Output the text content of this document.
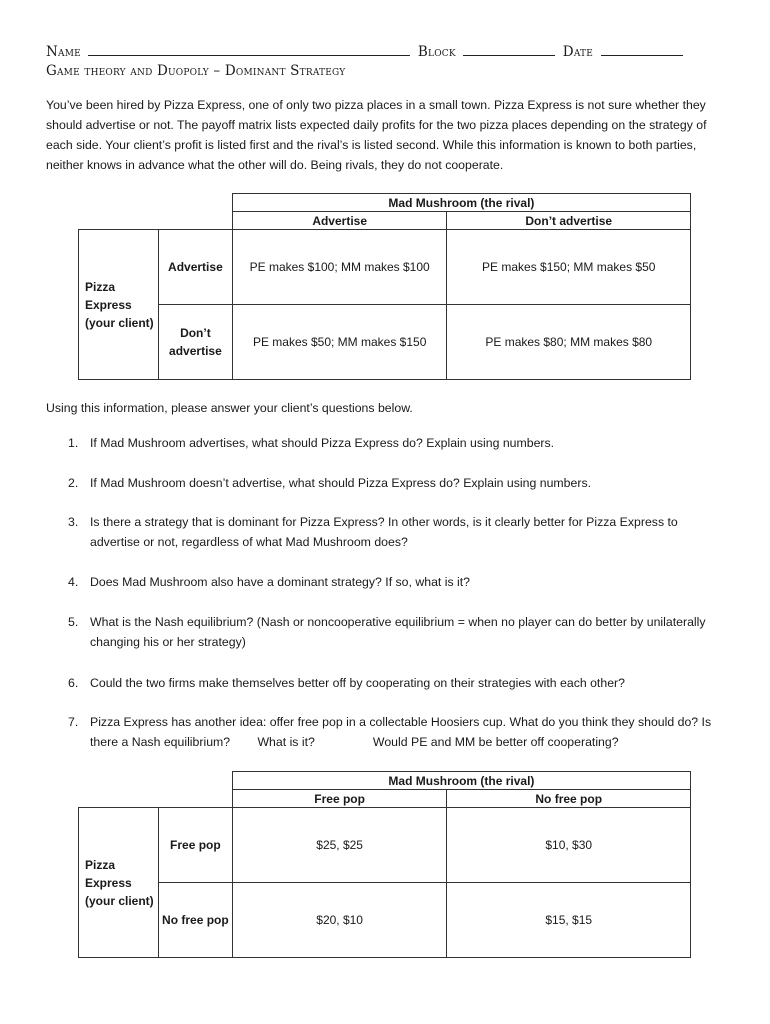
Name	Block	Date
Game theory and Duopoly – Dominant Strategy

You’ve been hired by Pizza Express, one of only two pizza places in a small town. Pizza Express is not sure whether they should advertise or not. The payoff matrix lists expected daily profits for the two pizza places depending on the strategy of each side. Your client’s profit is listed first and the rival’s is listed second. While this information is known to both parties, neither knows in advance what the other will do. Being rivals, they do not cooperate.

		Mad Mushroom (the rival)	
		Advertise	Don’t advertise
Pizza Express (your client)	Advertise	PE makes $100; MM makes $100	PE makes $150; MM makes $50
	Don’t advertise	PE makes $50; MM makes $150	PE makes $80; MM makes $80
Using this information, please answer your client’s questions below.
1. If Mad Mushroom advertises, what should Pizza Express do? Explain using numbers.
2. If Mad Mushroom doesn’t advertise, what should Pizza Express do? Explain using numbers.
3. Is there a strategy that is dominant for Pizza Express? In other words, is it clearly better for Pizza Express to advertise or not, regardless of what Mad Mushroom does?
4. Does Mad Mushroom also have a dominant strategy? If so, what is it?
5. What is the Nash equilibrium? (Nash or noncooperative equilibrium = when no player can do better by unilaterally changing his or her strategy)
6. Could the two firms make themselves better off by cooperating on their strategies with each other?
7. Pizza Express has another idea: offer free pop in a collectable Hoosiers cup. What do you think they should do? Is there a Nash equilibrium?        What is it?                 Would PE and MM be better off cooperating?
		Mad Mushroom (the rival)	
		Free pop	No free pop
Pizza Express (your client)	Free pop	$25, $25	$10, $30
	No free pop	$20, $10	$15, $15
